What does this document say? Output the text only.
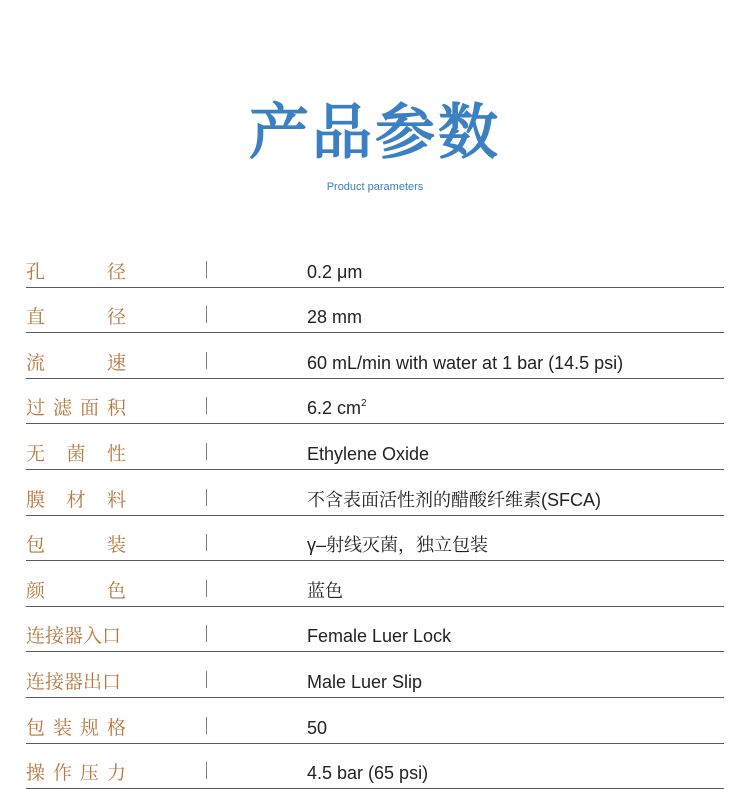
产品参数
Product parameters
孔	径	0.2 μm
直	径	28 mm
流	速	60 mL/min with water at 1 bar (14.5 psi)
过 滤 面 积	6.2 $cm^2$
无 菌 性	Ethylene Oxide
膜 材 料	不含表面活性剂的醋酸纤维素(SFCA)
包	装	γ–射线灭菌，独立包装
颜	色	蓝色
连接器入口	Female Luer Lock
连接器出口	Male Luer Slip
包 装 规 格	50
操 作 压 力	4.5 bar (65 psi)
